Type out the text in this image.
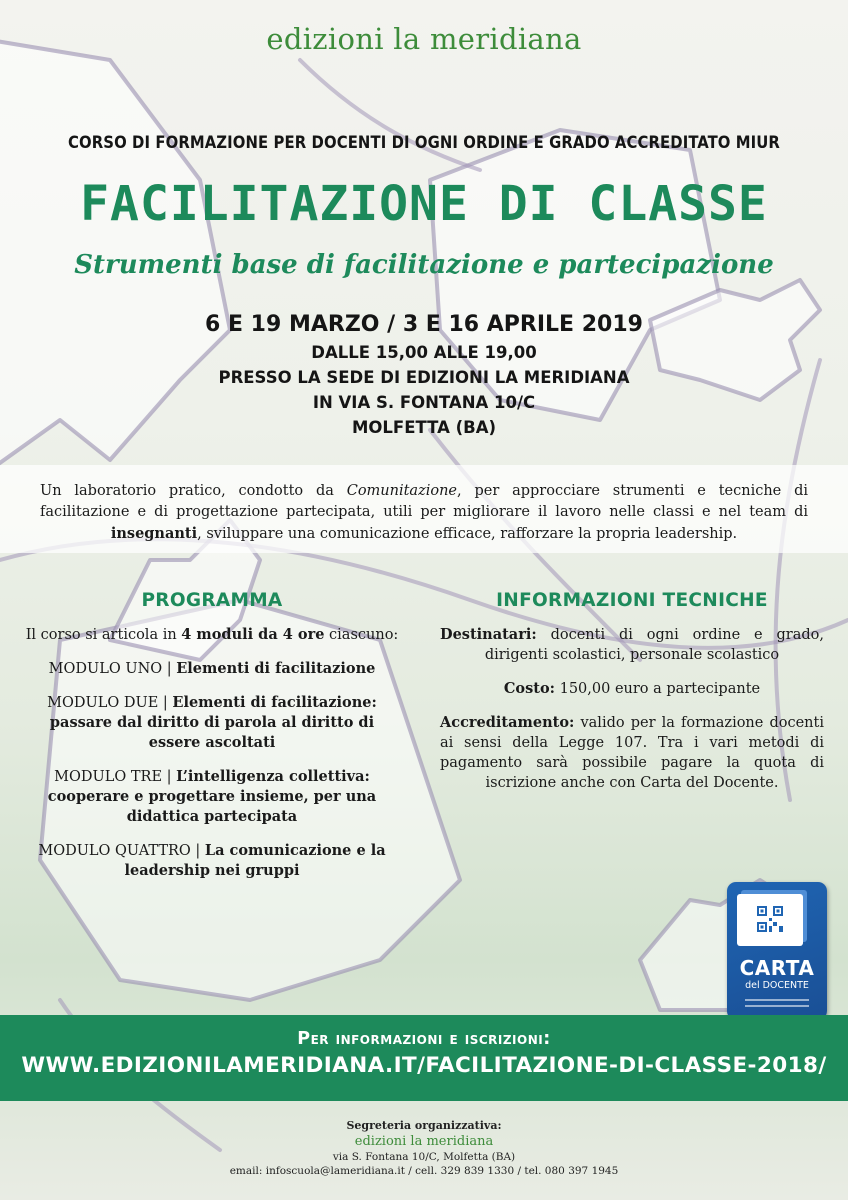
edizioni la meridiana
CORSO DI FORMAZIONE PER DOCENTI DI OGNI ORDINE E GRADO ACCREDITATO MIUR
FACILITAZIONE DI CLASSE
Strumenti base di facilitazione e partecipazione
6 E 19 MARZO / 3 E 16 APRILE 2019
DALLE 15,00 ALLE 19,00
PRESSO LA SEDE DI EDIZIONI LA MERIDIANA
IN VIA S. FONTANA 10/C
MOLFETTA (BA)

Un laboratorio pratico, condotto da Comunitazione, per approcciare strumenti e tecniche di facilitazione e di progettazione partecipata, utili per migliorare il lavoro nelle classi e nel team di insegnanti, sviluppare una comunicazione efficace, rafforzare la propria leadership.

PROGRAMMA

Il corso si articola in 4 moduli da 4 ore ciascuno:

MODULO UNO | Elementi di facilitazione

MODULO DUE | Elementi di facilitazione: passare dal diritto di parola al diritto di essere ascoltati

MODULO TRE | L’intelligenza collettiva: cooperare e progettare insieme, per una didattica partecipata

MODULO QUATTRO | La comunicazione e la leadership nei gruppi

INFORMAZIONI TECNICHE

Destinatari: docenti di ogni ordine e grado, dirigenti scolastici, personale scolastico

Costo: 150,00 euro a partecipante

Accreditamento: valido per la formazione docenti ai sensi della Legge 107. Tra i vari metodi di pagamento sarà possibile pagare la quota di iscrizione anche con Carta del Docente.

CARTA
del DOCENTE
Per informazioni e iscrizioni:
WWW.EDIZIONILAMERIDIANA.IT/FACILITAZIONE-DI-CLASSE-2018/
Segreteria organizzativa:
edizioni la meridiana
via S. Fontana 10/C, Molfetta (BA)
email: infoscuola@lameridiana.it / cell. 329 839 1330 / tel. 080 397 1945
